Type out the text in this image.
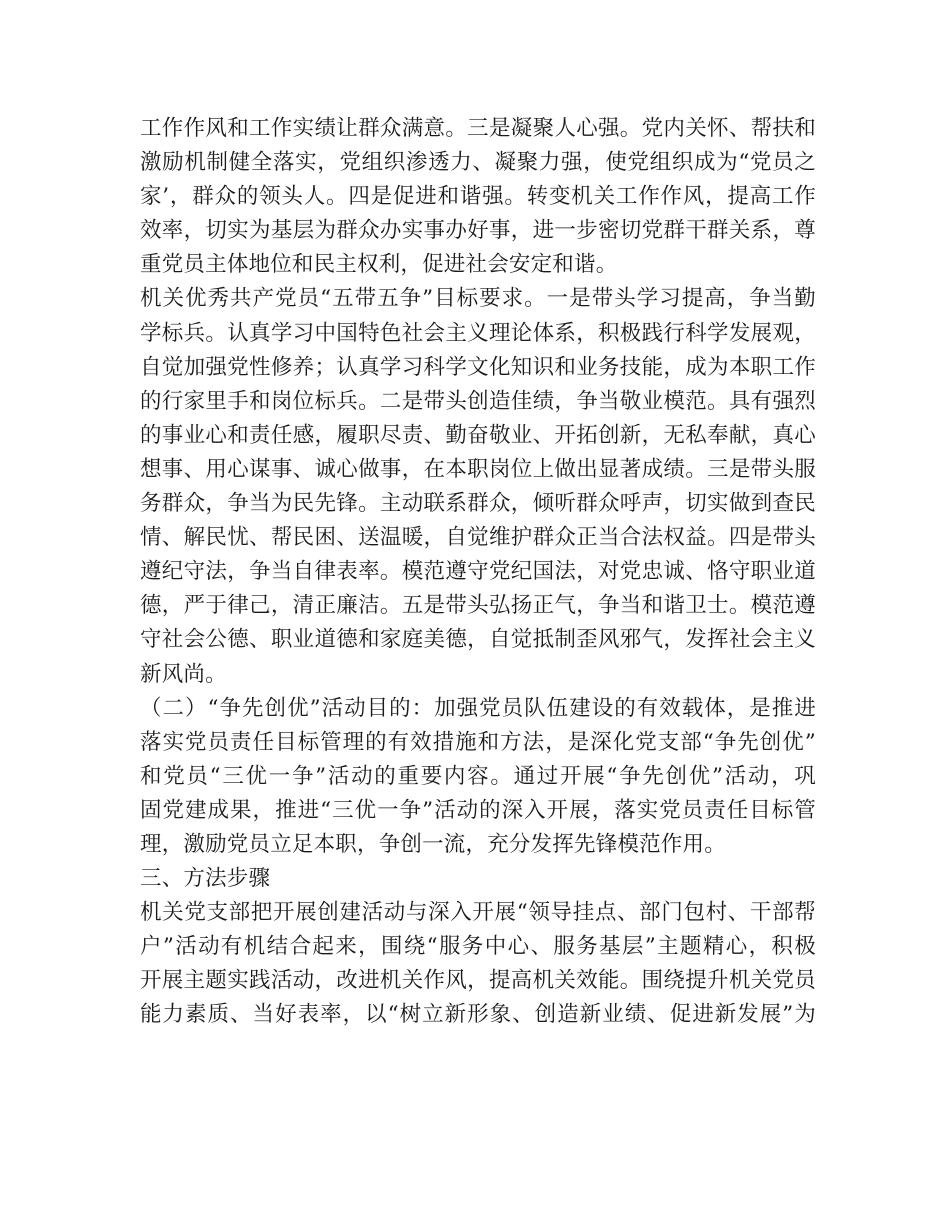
工作作风和工作实绩让群众满意。三是凝聚人心强。党内关怀、帮扶和
激励机制健全落实，党组织渗透力、凝聚力强，使党组织成为“党员之
家’，群众的领头人。四是促进和谐强。转变机关工作作风，提高工作
效率，切实为基层为群众办实事办好事，进一步密切党群干群关系，尊
重党员主体地位和民主权利，促进社会安定和谐。
机关优秀共产党员“五带五争”目标要求。一是带头学习提高，争当勤
学标兵。认真学习中国特色社会主义理论体系，积极践行科学发展观，
自觉加强党性修养；认真学习科学文化知识和业务技能，成为本职工作
的行家里手和岗位标兵。二是带头创造佳绩，争当敬业模范。具有强烈
的事业心和责任感，履职尽责、勤奋敬业、开拓创新，无私奉献，真心
想事、用心谋事、诚心做事，在本职岗位上做出显著成绩。三是带头服
务群众，争当为民先锋。主动联系群众，倾听群众呼声，切实做到查民
情、解民忧、帮民困、送温暖，自觉维护群众正当合法权益。四是带头
遵纪守法，争当自律表率。模范遵守党纪国法，对党忠诚、恪守职业道
德，严于律己，清正廉洁。五是带头弘扬正气，争当和谐卫士。模范遵
守社会公德、职业道德和家庭美德，自觉抵制歪风邪气，发挥社会主义
新风尚。
（二）“争先创优”活动目的：加强党员队伍建设的有效载体，是推进
落实党员责任目标管理的有效措施和方法，是深化党支部“争先创优”
和党员“三优一争”活动的重要内容。通过开展“争先创优”活动，巩
固党建成果，推进“三优一争”活动的深入开展，落实党员责任目标管
理，激励党员立足本职，争创一流，充分发挥先锋模范作用。
三、方法步骤
机关党支部把开展创建活动与深入开展“领导挂点、部门包村、干部帮
户”活动有机结合起来，围绕“服务中心、服务基层”主题精心，积极
开展主题实践活动，改进机关作风，提高机关效能。围绕提升机关党员
能力素质、当好表率，以“树立新形象、创造新业绩、促进新发展”为
